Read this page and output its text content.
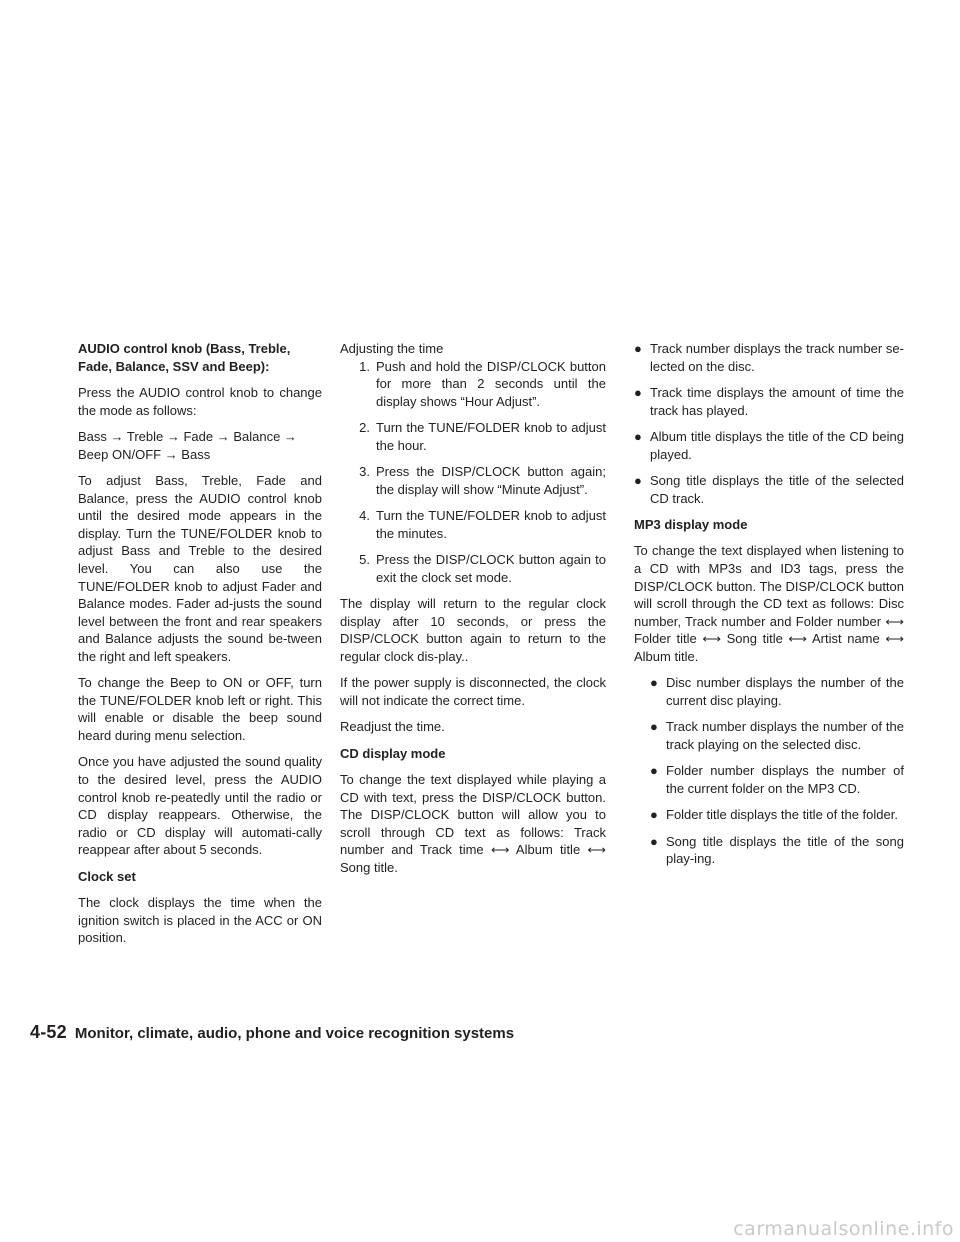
AUDIO control knob (Bass, Treble, Fade, Balance, SSV and Beep):

Press the AUDIO control knob to change the mode as follows:

Bass → Treble → Fade → Balance → Beep ON/OFF → Bass

To adjust Bass, Treble, Fade and Balance, press the AUDIO control knob until the desired mode appears in the display. Turn the TUNE/FOLDER knob to adjust Bass and Treble to the desired level. You can also use the TUNE/FOLDER knob to adjust Fader and Balance modes. Fader ad-justs the sound level between the front and rear speakers and Balance adjusts the sound be-tween the right and left speakers.

To change the Beep to ON or OFF, turn the TUNE/FOLDER knob left or right. This will enable or disable the beep sound heard during menu selection.

Once you have adjusted the sound quality to the desired level, press the AUDIO control knob re-peatedly until the radio or CD display reappears. Otherwise, the radio or CD display will automati-cally reappear after about 5 seconds.

Clock set

The clock displays the time when the ignition switch is placed in the ACC or ON position.

Adjusting the time

1. Push and hold the DISP/CLOCK button for more than 2 seconds until the display shows “Hour Adjust”.
2. Turn the TUNE/FOLDER knob to adjust the hour.
3. Press the DISP/CLOCK button again; the display will show “Minute Adjust”.
4. Turn the TUNE/FOLDER knob to adjust the minutes.
5. Press the DISP/CLOCK button again to exit the clock set mode.

The display will return to the regular clock display after 10 seconds, or press the DISP/CLOCK button again to return to the regular clock dis-play..

If the power supply is disconnected, the clock will not indicate the correct time.

Readjust the time.

CD display mode

To change the text displayed while playing a CD with text, press the DISP/CLOCK button. The DISP/CLOCK button will allow you to scroll through CD text as follows: Track number and Track time ⟷ Album title ⟷ Song title.

● Track number displays the track number se-lected on the disc.
● Track time displays the amount of time the track has played.
● Album title displays the title of the CD being played.
● Song title displays the title of the selected CD track.

MP3 display mode

To change the text displayed when listening to a CD with MP3s and ID3 tags, press the DISP/CLOCK button. The DISP/CLOCK button will scroll through the CD text as follows: Disc number, Track number and Folder number ⟷ Folder title ⟷ Song title ⟷ Artist name ⟷ Album title.

● Disc number displays the number of the current disc playing.
● Track number displays the number of the track playing on the selected disc.
● Folder number displays the number of the current folder on the MP3 CD.
● Folder title displays the title of the folder.
● Song title displays the title of the song play-ing.
4-52 Monitor, climate, audio, phone and voice recognition systems
carmanualsonline.info
